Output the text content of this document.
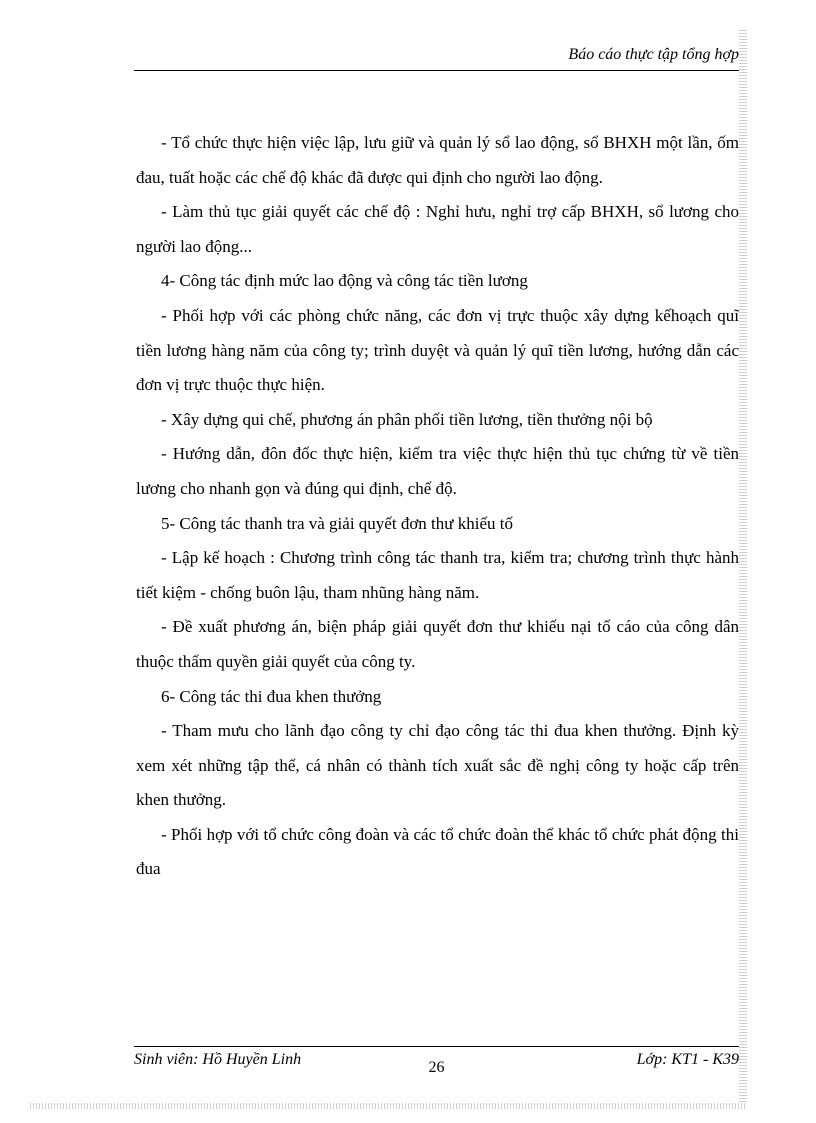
Báo cáo thực tập tổng hợp

- Tổ chức thực hiện việc lập, lưu giữ và quản lý sổ lao động, sổ BHXH một lần, ốm đau, tuất hoặc các chế độ khác đã được qui định cho người lao động.

- Làm thủ tục giải quyết các chế độ : Nghỉ hưu, nghỉ trợ cấp BHXH, sổ lương cho người lao động...

4- Công tác định mức lao động và công tác tiền lương

- Phối hợp với các phòng chức năng, các đơn vị trực thuộc xây dựng kếhoạch quĩ tiền lương hàng năm của công ty; trình duyệt và quản lý quĩ tiền lương, hướng dẫn các đơn vị trực thuộc thực hiện.

- Xây dựng qui chế, phương án phân phối tiền lương, tiền thưởng nội bộ

- Hướng dẫn, đôn đốc thực hiện, kiểm tra việc thực hiện thủ tục chứng từ về tiền lương cho nhanh gọn và đúng qui định, chế độ.

5- Công tác thanh tra và giải quyết đơn thư khiếu tố

- Lập kế hoạch : Chương trình công tác thanh tra, kiểm tra; chương trình thực hành tiết kiệm - chống buôn lậu, tham nhũng hàng năm.

- Đề xuất phương án, biện pháp giải quyết đơn thư khiếu nại tố cáo của công dân thuộc thẩm quyền giải quyết của công ty.

6- Công tác thi đua khen thưởng

- Tham mưu cho lãnh đạo công ty chỉ đạo công tác thi đua khen thưởng. Định kỳ xem xét những tập thể, cá nhân có thành tích xuất sắc đề nghị công ty hoặc cấp trên khen thưởng.

- Phối hợp với tổ chức công đoàn và các tổ chức đoàn thể khác tổ chức phát động thi đua

Sinh viên: Hồ Huyền Linh	26	Lớp: KT1 - K39
